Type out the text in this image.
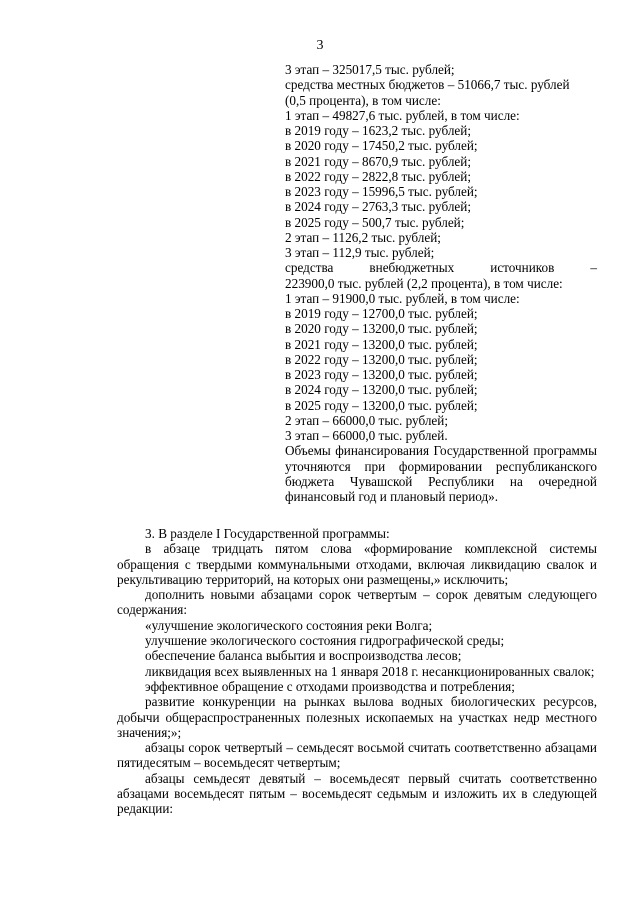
3
3 этап – 325017,5 тыс. рублей;
средства местных бюджетов – 51066,7 тыс. рублей
(0,5 процента), в том числе:
1 этап – 49827,6 тыс. рублей, в том числе:
в 2019 году – 1623,2 тыс. рублей;
в 2020 году – 17450,2 тыс. рублей;
в 2021 году – 8670,9 тыс. рублей;
в 2022 году – 2822,8 тыс. рублей;
в 2023 году – 15996,5 тыс. рублей;
в 2024 году – 2763,3 тыс. рублей;
в 2025 году – 500,7 тыс. рублей;
2 этап – 1126,2 тыс. рублей;
3 этап – 112,9 тыс. рублей;
средства	внебюджетных	источников	–
223900,0 тыс. рублей (2,2 процента), в том числе:
1 этап – 91900,0 тыс. рублей, в том числе:
в 2019 году – 12700,0 тыс. рублей;
в 2020 году – 13200,0 тыс. рублей;
в 2021 году – 13200,0 тыс. рублей;
в 2022 году – 13200,0 тыс. рублей;
в 2023 году – 13200,0 тыс. рублей;
в 2024 году – 13200,0 тыс. рублей;
в 2025 году – 13200,0 тыс. рублей;
2 этап – 66000,0 тыс. рублей;
3 этап – 66000,0 тыс. рублей.
Объемы финансирования Государственной программы уточняются при формировании республиканского бюджета Чувашской Республики на очередной финансовый год и плановый период».

3. В разделе I Государственной программы:

в абзаце тридцать пятом слова «формирование комплексной системы обращения с твердыми коммунальными отходами, включая ликвидацию свалок и рекультивацию территорий, на которых они размещены,» исключить;

дополнить новыми абзацами сорок четвертым – сорок девятым следующего содержания:

«улучшение экологического состояния реки Волга;

улучшение экологического состояния гидрографической среды;

обеспечение баланса выбытия и воспроизводства лесов;

ликвидация всех выявленных на 1 января 2018 г. несанкционированных свалок;

эффективное обращение с отходами производства и потребления;

развитие конкуренции на рынках вылова водных биологических ресурсов, добычи общераспространенных полезных ископаемых на участках недр местного значения;»;

абзацы сорок четвертый – семьдесят восьмой считать соответственно абзацами пятидесятым – восемьдесят четвертым;

абзацы семьдесят девятый – восемьдесят первый считать соответственно абзацами восемьдесят пятым – восемьдесят седьмым и изложить их в следующей редакции:
